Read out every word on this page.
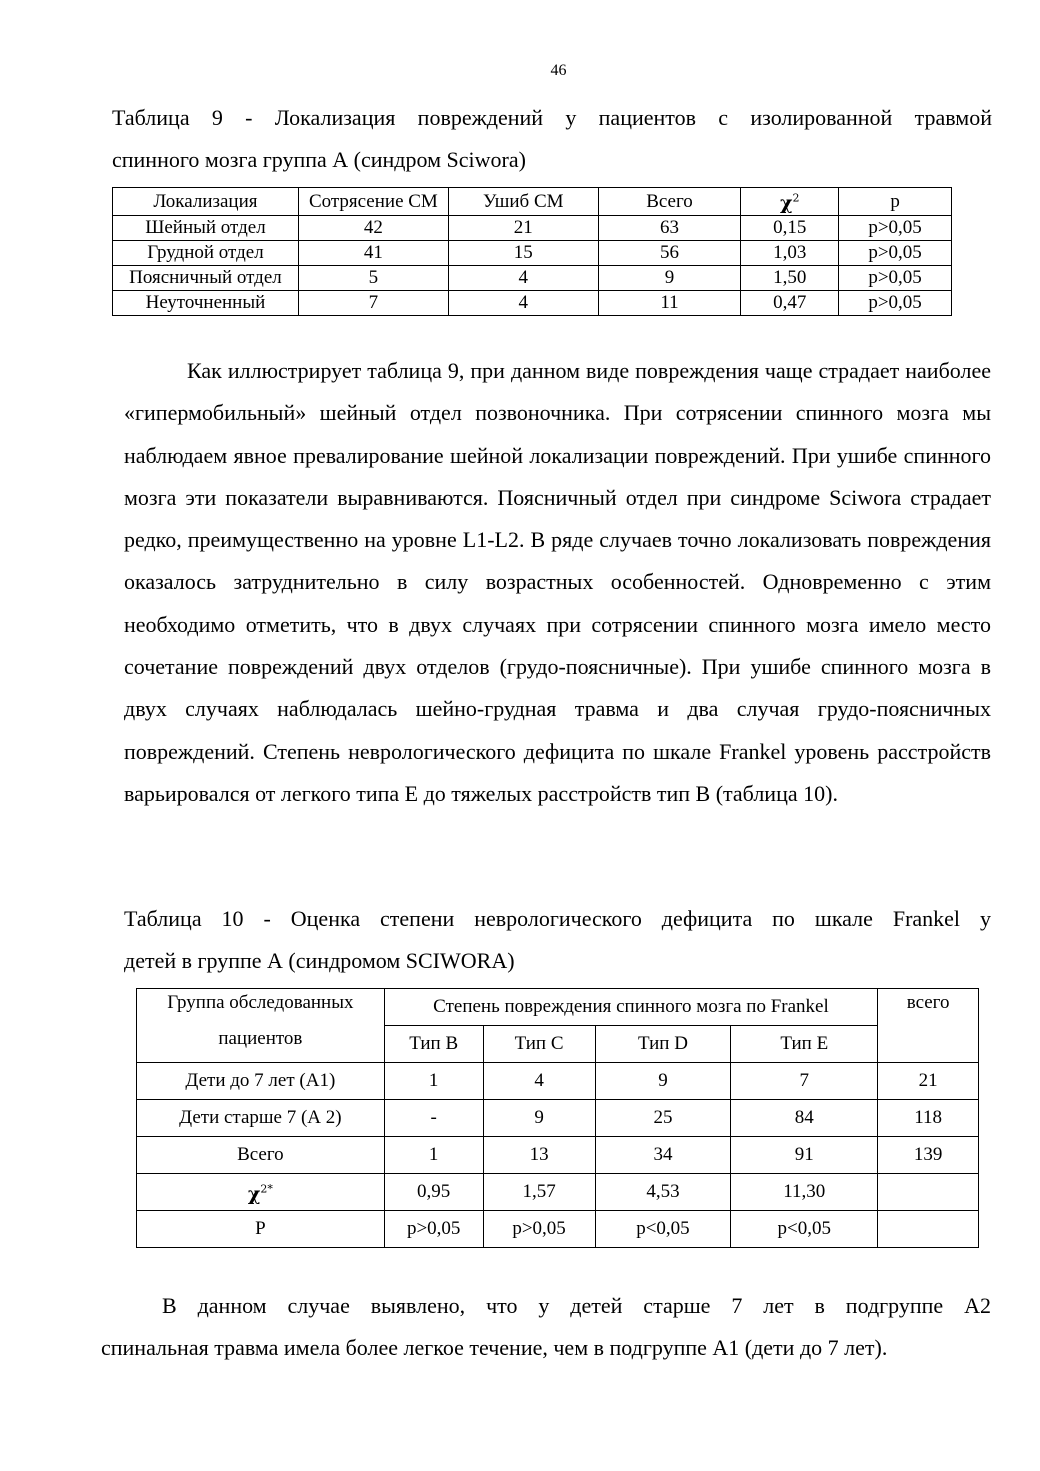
46
Таблица 9 - Локализация повреждений у пациентов с изолированной травмой
спинного мозга группа А (синдром Sciwora)
Локализация	Сотрясение СМ	Ушиб СМ	Всего	$\chi^2$	p
Шейный отдел	42	21	63	0,15	p>0,05
Грудной отдел	41	15	56	1,03	p>0,05
Поясничный отдел	5	4	9	1,50	p>0,05
Неуточненный	7	4	11	0,47	p>0,05
Как иллюстрирует таблица 9, при данном виде повреждения чаще страдает наиболее «гипермобильный» шейный отдел позвоночника. При сотрясении спинного мозга мы наблюдаем явное превалирование шейной локализации повреждений. При ушибе спинного мозга эти показатели выравниваются. Поясничный отдел при синдроме Sciwora страдает редко, преимущественно на уровне L1-L2. В ряде случаев точно локализовать повреждения оказалось затруднительно в силу возрастных особенностей. Одновременно с этим необходимо отметить, что в двух случаях при сотрясении спинного мозга имело место сочетание повреждений двух отделов (грудо-поясничные). При ушибе спинного мозга в двух случаях наблюдалась шейно-грудная травма и два случая грудо-поясничных повреждений. Степень неврологического дефицита по шкале Frankel уровень расстройств варьировался от легкого типа Е до тяжелых расстройств тип В (таблица 10).
Таблица 10 - Оценка степени неврологического дефицита по шкале Frankel у
детей в группе А (синдромом SCIWORA)
Группа обследованных
пациентов	Степень повреждения спинного мозга по Frankel				всего
	Тип В	Тип С	Тип D	Тип Е	
Дети до 7 лет (А1)	1	4	9	7	21
Дети старше 7 (А 2)	-	9	25	84	118
Всего	1	13	34	91	139
$\chi^{2*}$	0,95	1,57	4,53	11,30	
Р	p>0,05	p>0,05	p<0,05	p<0,05	
В данном случае выявлено, что у детей старше 7 лет в подгруппе А2
спинальная травма имела более легкое течение, чем в подгруппе А1 (дети до 7 лет).
